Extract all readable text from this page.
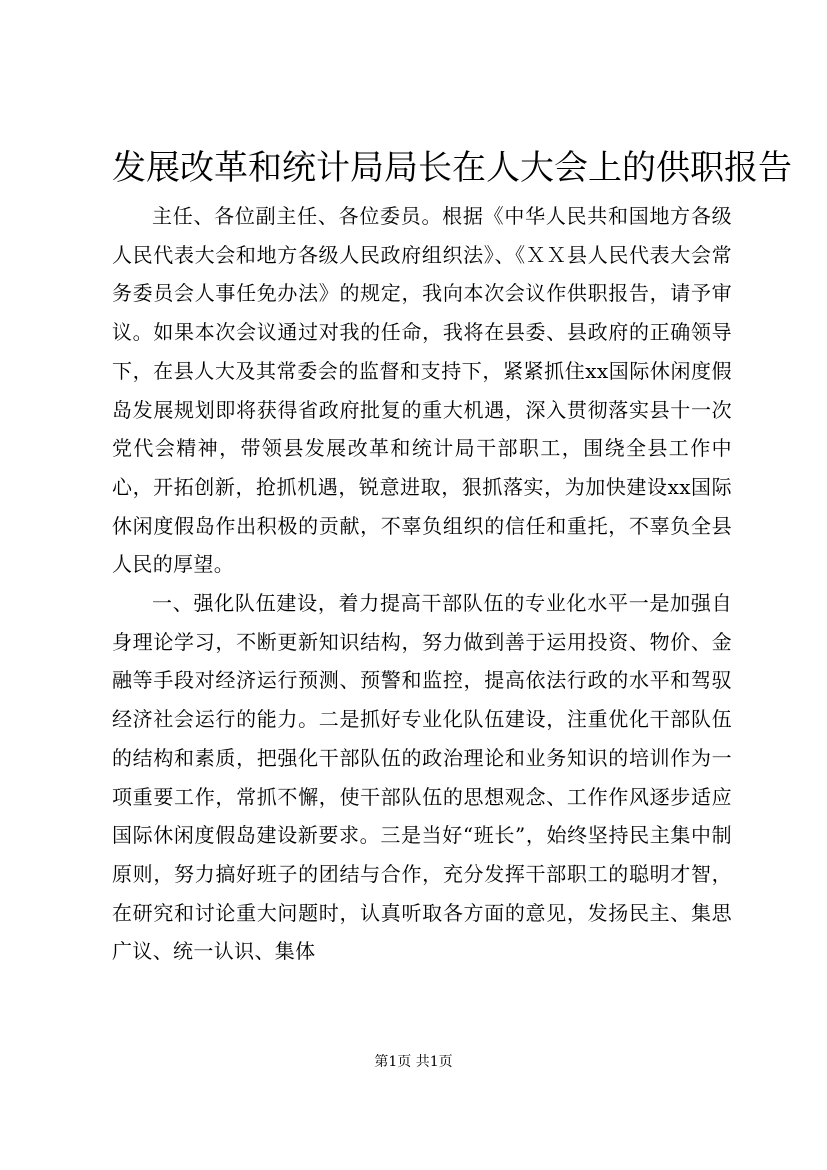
发展改革和统计局局长在人大会上的供职报告

主任、各位副主任、各位委员。根据《中华人民共和国地方各级人民代表大会和地方各级人民政府组织法》、《ＸＸ县人民代表大会常务委员会人事任免办法》的规定，我向本次会议作供职报告，请予审议。如果本次会议通过对我的任命，我将在县委、县政府的正确领导下，在县人大及其常委会的监督和支持下，紧紧抓住xx国际休闲度假岛发展规划即将获得省政府批复的重大机遇，深入贯彻落实县十一次党代会精神，带领县发展改革和统计局干部职工，围绕全县工作中心，开拓创新，抢抓机遇，锐意进取，狠抓落实，为加快建设xx国际休闲度假岛作出积极的贡献，不辜负组织的信任和重托，不辜负全县人民的厚望。

一、强化队伍建设，着力提高干部队伍的专业化水平一是加强自身理论学习，不断更新知识结构，努力做到善于运用投资、物价、金融等手段对经济运行预测、预警和监控，提高依法行政的水平和驾驭经济社会运行的能力。二是抓好专业化队伍建设，注重优化干部队伍的结构和素质，把强化干部队伍的政治理论和业务知识的培训作为一项重要工作，常抓不懈，使干部队伍的思想观念、工作作风逐步适应国际休闲度假岛建设新要求。三是当好“班长”，始终坚持民主集中制原则，努力搞好班子的团结与合作，充分发挥干部职工的聪明才智，在研究和讨论重大问题时，认真听取各方面的意见，发扬民主、集思广议、统一认识、集体

第1页 共1页
